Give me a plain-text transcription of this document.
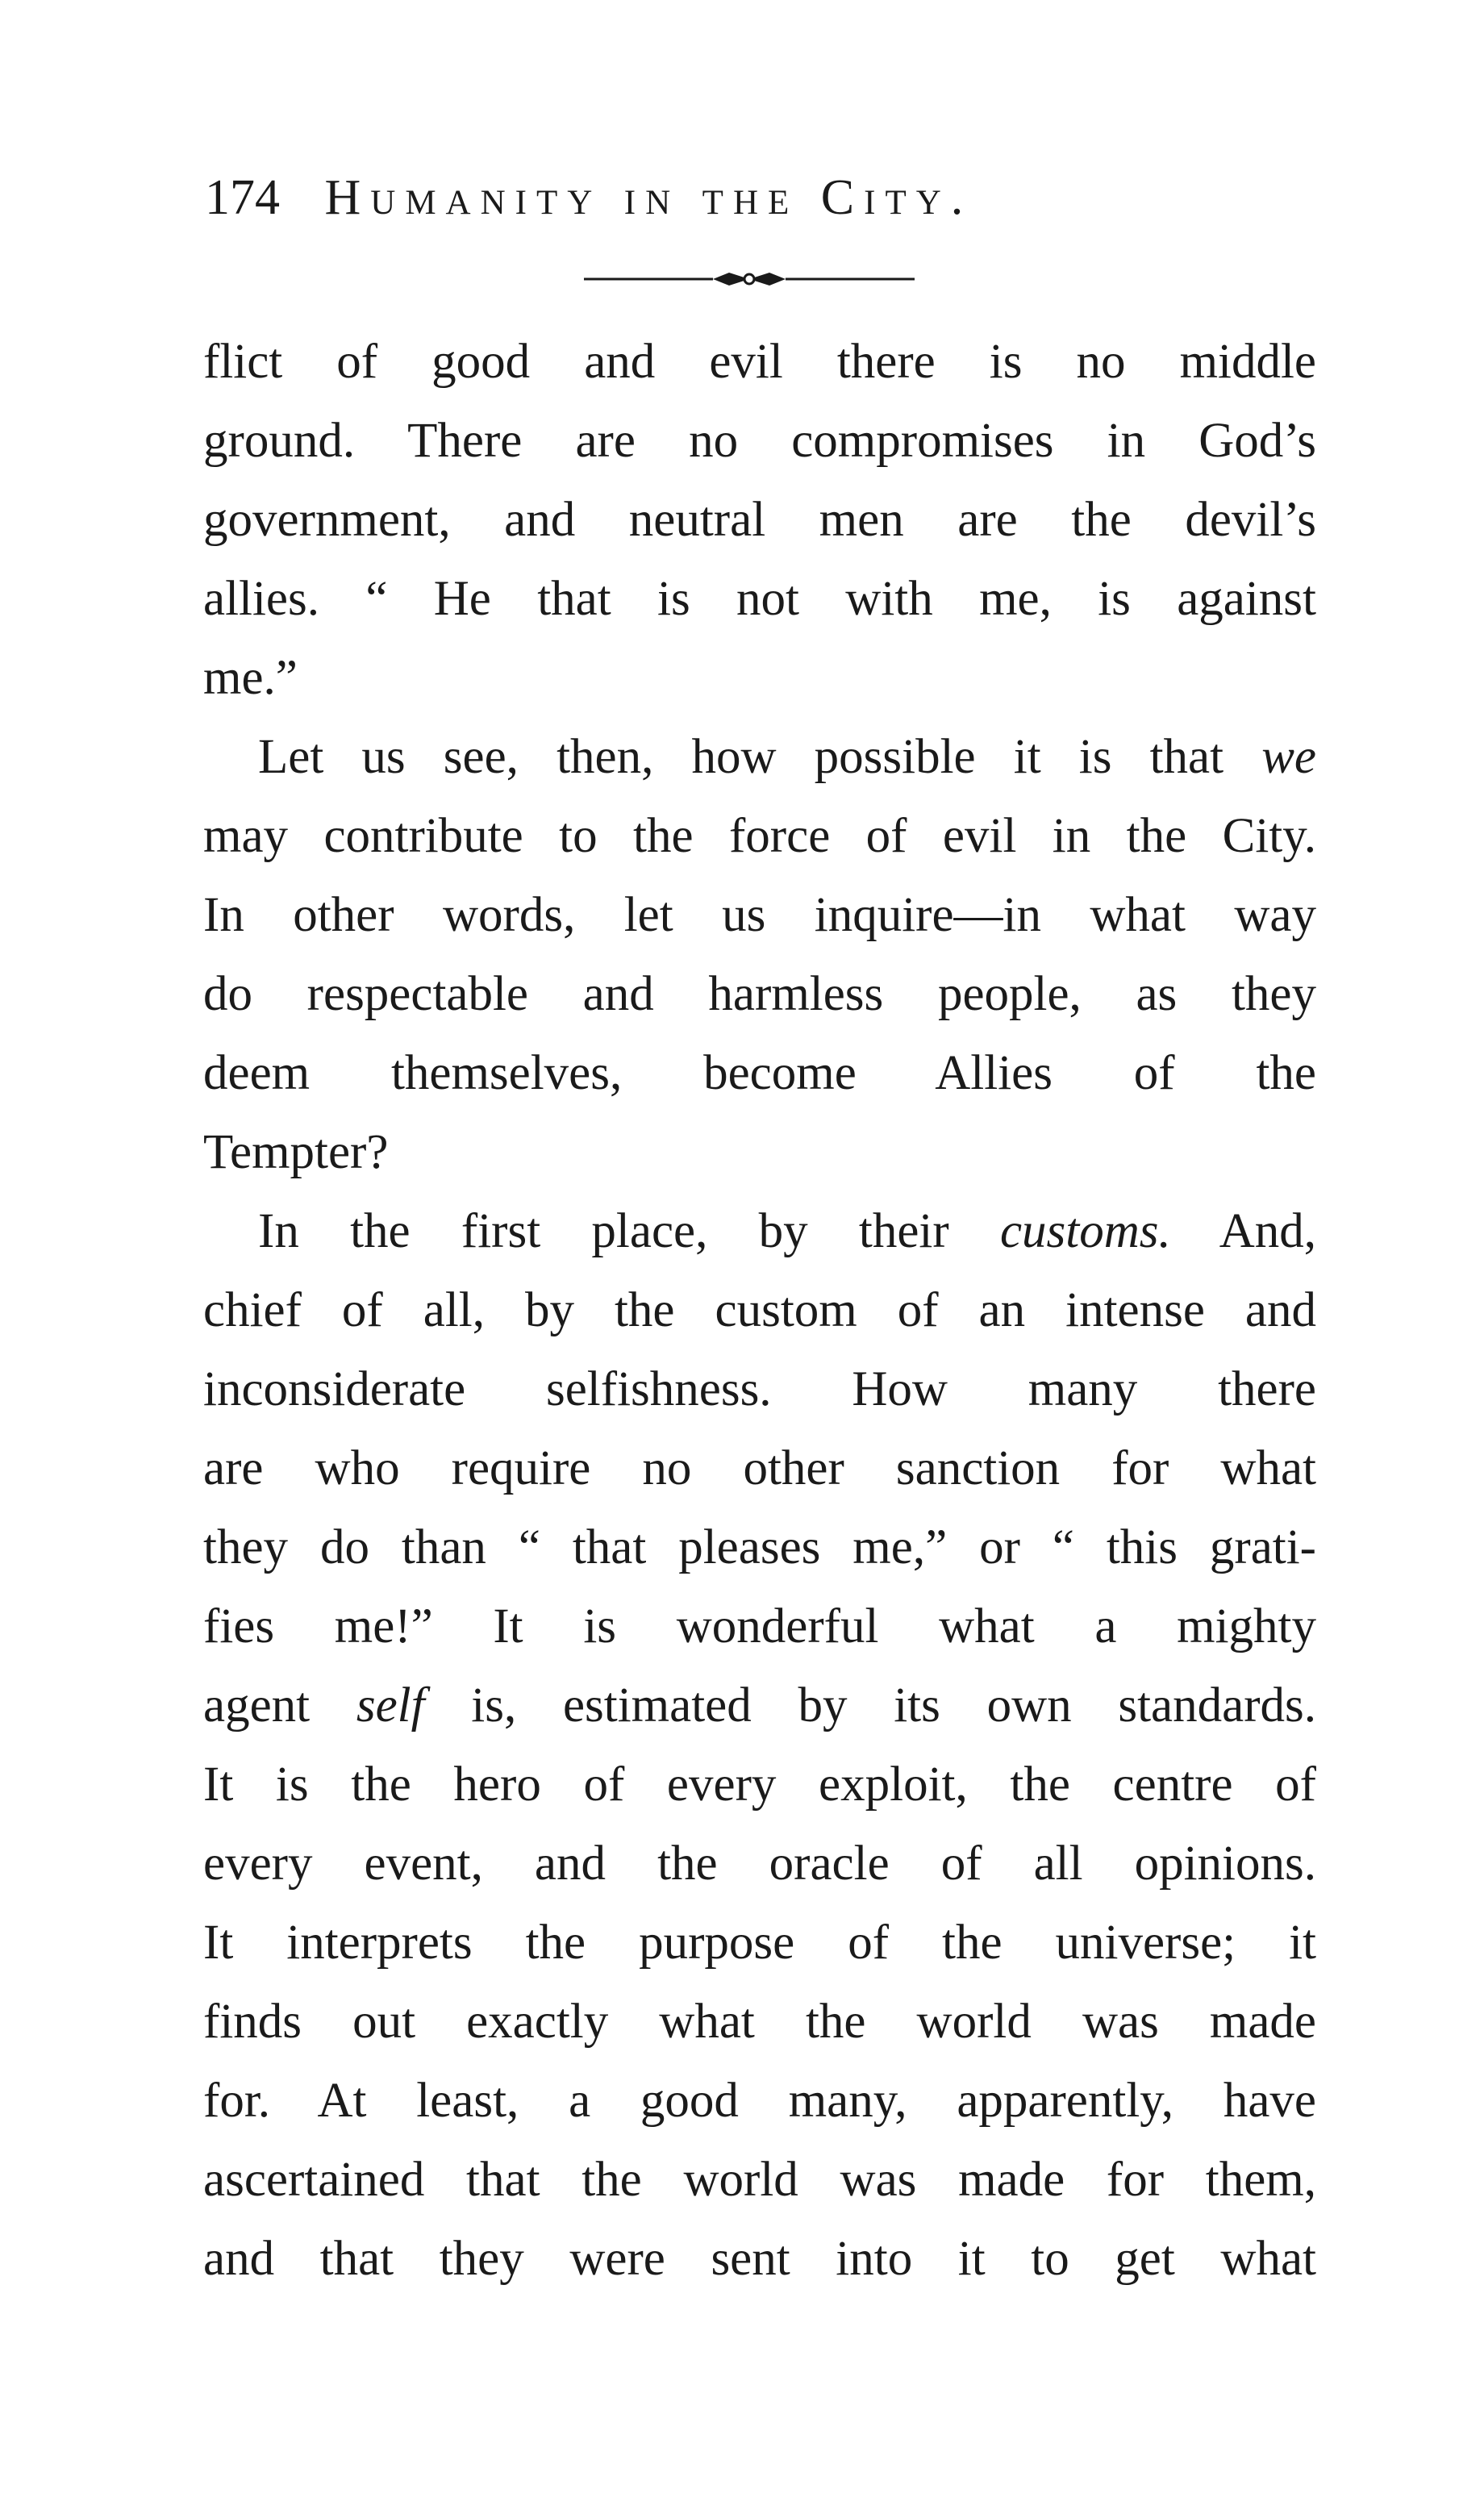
174 Humanity in the City.
flict of good and evil there is no middle
ground. There are no compromises in God’s
government, and neutral men are the devil’s
allies. “ He that is not with me, is against
me.”
Let us see, then, how possible it is that we
may contribute to the force of evil in the City.
In other words, let us inquire—in what way
do respectable and harmless people, as they
deem themselves, become Allies of the
Tempter?
In the first place, by their customs. And,
chief of all, by the custom of an intense and
inconsiderate selfishness. How many there
are who require no other sanction for what
they do than “ that pleases me,” or “ this grati-
fies me!” It is wonderful what a mighty
agent self is, estimated by its own standards.
It is the hero of every exploit, the centre of
every event, and the oracle of all opinions.
It interprets the purpose of the universe; it
finds out exactly what the world was made
for. At least, a good many, apparently, have
ascertained that the world was made for them,
and that they were sent into it to get what
